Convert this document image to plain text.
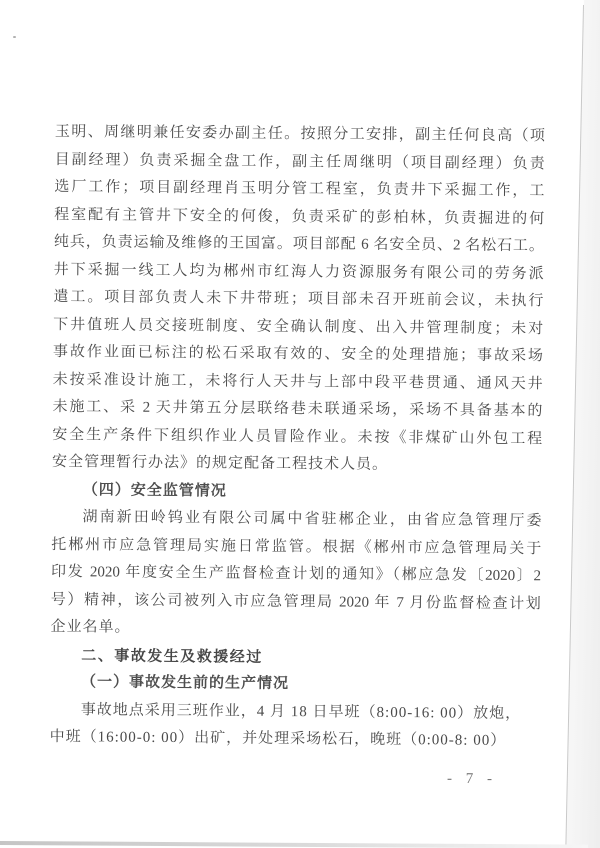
玉明、周继明兼任安委办副主任。按照分工安排，副主任何良高（项
目副经理）负责采掘全盘工作，副主任周继明（项目副经理）负责
选厂工作；项目副经理肖玉明分管工程室，负责井下采掘工作，工
程室配有主管井下安全的何俊，负责采矿的彭柏林，负责掘进的何
纯兵，负责运输及维修的王国富。项目部配 6 名安全员、2 名松石工。
井下采掘一线工人均为郴州市红海人力资源服务有限公司的劳务派
遣工。项目部负责人未下井带班；项目部未召开班前会议，未执行
下井值班人员交接班制度、安全确认制度、出入井管理制度；未对
事故作业面已标注的松石采取有效的、安全的处理措施；事故采场
未按采准设计施工，未将行人天井与上部中段平巷贯通、通风天井
未施工、采 2 天井第五分层联络巷未联通采场，采场不具备基本的
安全生产条件下组织作业人员冒险作业。未按《非煤矿山外包工程
安全管理暂行办法》的规定配备工程技术人员。
（四）安全监管情况
湖南新田岭钨业有限公司属中省驻郴企业，由省应急管理厅委
托郴州市应急管理局实施日常监管。根据《郴州市应急管理局关于
印发 2020 年度安全生产监督检查计划的通知》（郴应急发〔2020〕2
号）精神，该公司被列入市应急管理局 2020 年 7 月份监督检查计划
企业名单。
二、事故发生及救援经过
（一）事故发生前的生产情况
事故地点采用三班作业，4 月 18 日早班（8:00-16: 00）放炮，
中班（16:00-0: 00）出矿，并处理采场松石，晚班（0:00-8: 00）
- 7 -
